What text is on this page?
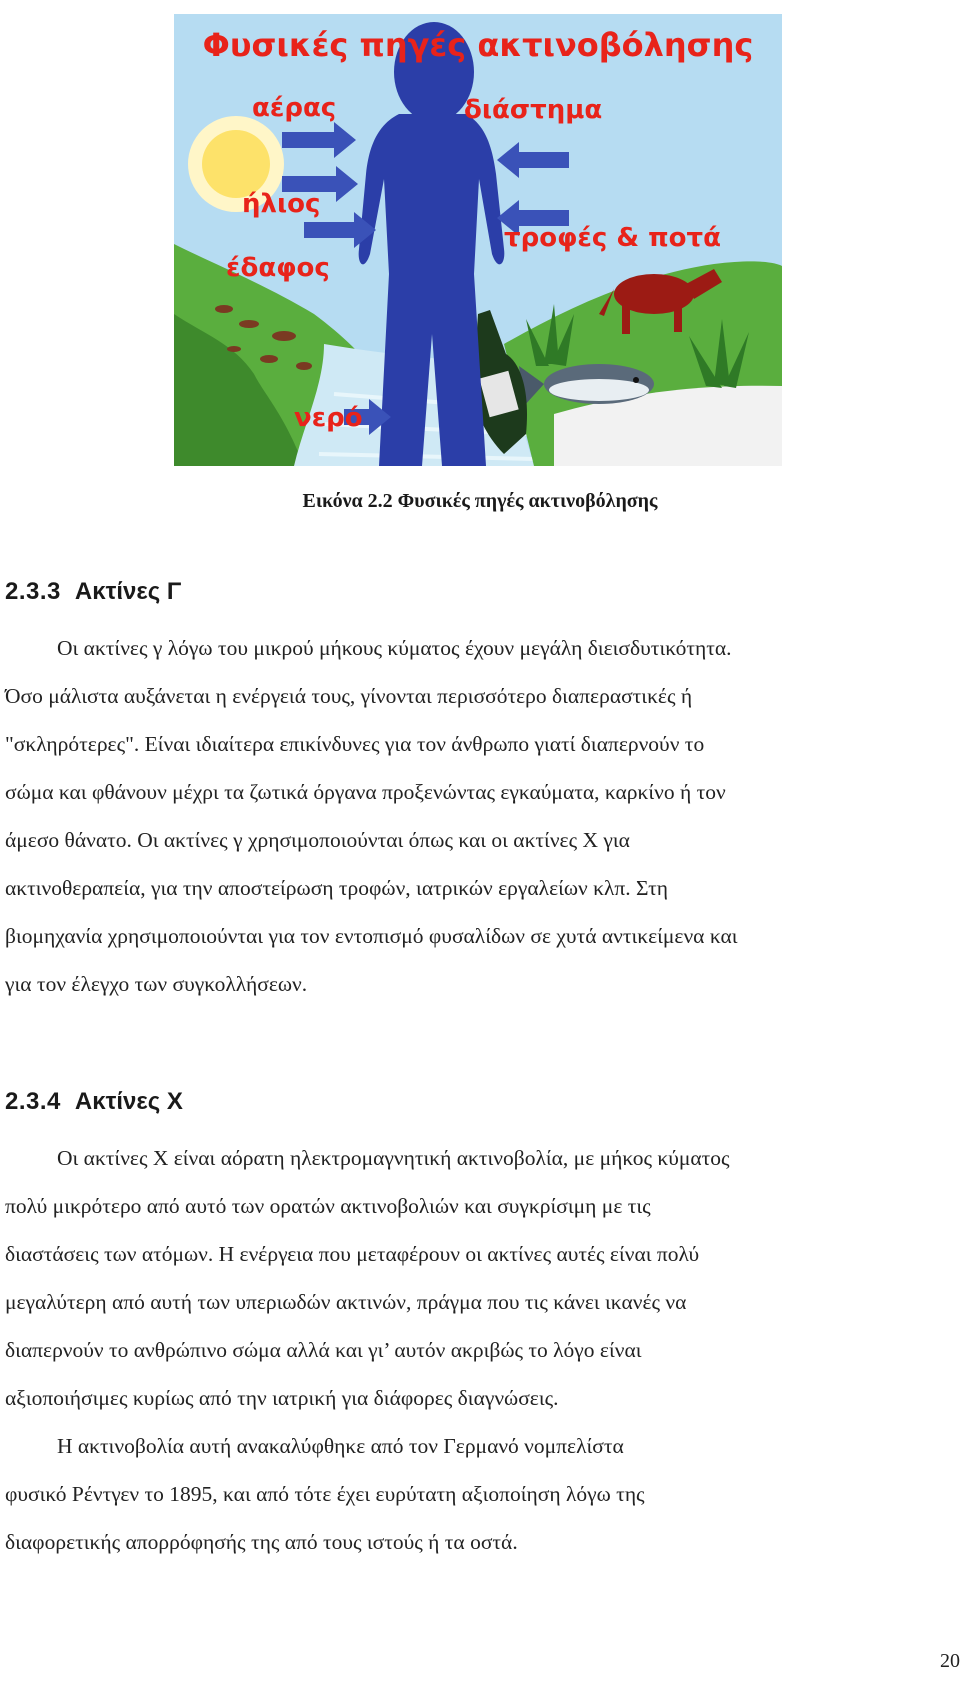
Φυσικές πηγές ακτινοβόλησης
αέρας	διάστημα
ήλιος
τροφές & ποτά
έδαφος
νερό
Εικόνα 2.2 Φυσικές πηγές ακτινοβόλησης
2.3.3 Ακτίνες Γ
Οι ακτίνες γ λόγω του μικρού μήκους κύματος έχουν μεγάλη διεισδυτικότητα.
Όσο μάλιστα αυξάνεται η ενέργειά τους, γίνονται περισσότερο διαπεραστικές ή
"σκληρότερες". Είναι ιδιαίτερα επικίνδυνες για τον άνθρωπο γιατί διαπερνούν το
σώμα και φθάνουν μέχρι τα ζωτικά όργανα προξενώντας εγκαύματα, καρκίνο ή τον
άμεσο θάνατο. Οι ακτίνες γ χρησιμοποιούνται όπως και οι ακτίνες X για
ακτινοθεραπεία, για την αποστείρωση τροφών, ιατρικών εργαλείων κλπ. Στη
βιομηχανία χρησιμοποιούνται για τον εντοπισμό φυσαλίδων σε χυτά αντικείμενα και
για τον έλεγχο των συγκολλήσεων.
2.3.4 Ακτίνες Χ
Οι ακτίνες Χ είναι αόρατη ηλεκτρομαγνητική ακτινοβολία, με μήκος κύματος
πολύ μικρότερο από αυτό των ορατών ακτινοβολιών και συγκρίσιμη με τις
διαστάσεις των ατόμων. Η ενέργεια που μεταφέρουν οι ακτίνες αυτές είναι πολύ
μεγαλύτερη από αυτή των υπεριωδών ακτινών, πράγμα που τις κάνει ικανές να
διαπερνούν το ανθρώπινο σώμα αλλά και γι’ αυτόν ακριβώς το λόγο είναι
αξιοποιήσιμες κυρίως από την ιατρική για διάφορες διαγνώσεις.
Η ακτινοβολία αυτή ανακαλύφθηκε από τον Γερμανό νομπελίστα
φυσικό Ρέντγεν το 1895, και από τότε έχει ευρύτατη αξιοποίηση λόγω της
διαφορετικής απορρόφησής της από τους ιστούς ή τα οστά.
20
